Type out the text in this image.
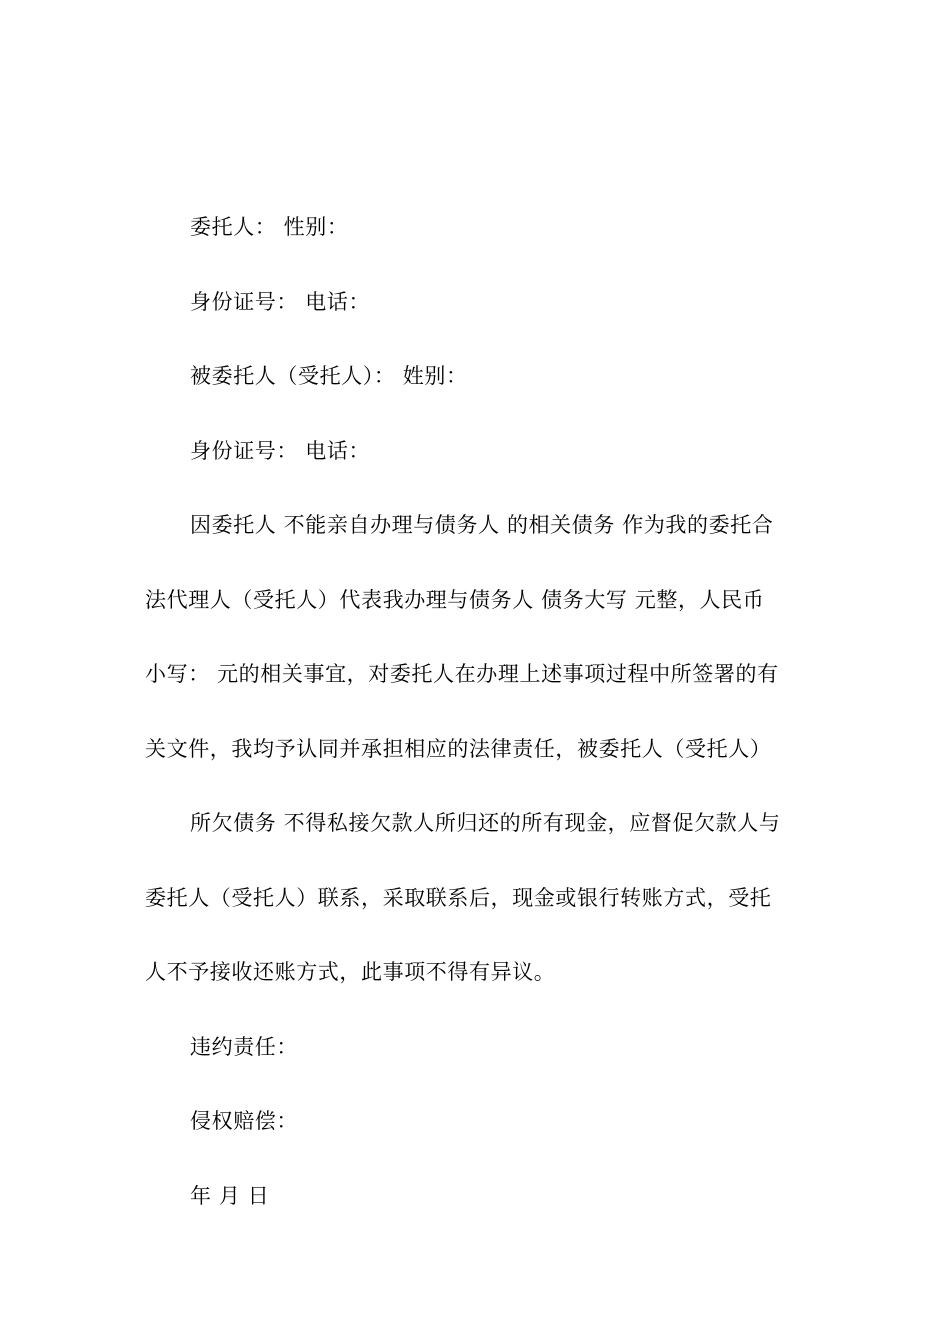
委托人： 性别：
身份证号： 电话：
被委托人（受托人）： 姓别：
身份证号： 电话：
因委托人 不能亲自办理与债务人 的相关债务 作为我的委托合
法代理人（受托人）代表我办理与债务人 债务大写 元整，人民币
小写： 元的相关事宜，对委托人在办理上述事项过程中所签署的有
关文件，我均予认同并承担相应的法律责任，被委托人（受托人）
所欠债务 不得私接欠款人所归还的所有现金，应督促欠款人与
委托人（受托人）联系，采取联系后，现金或银行转账方式，受托
人不予接收还账方式，此事项不得有异议。
违约责任：
侵权赔偿：
年 月 日
